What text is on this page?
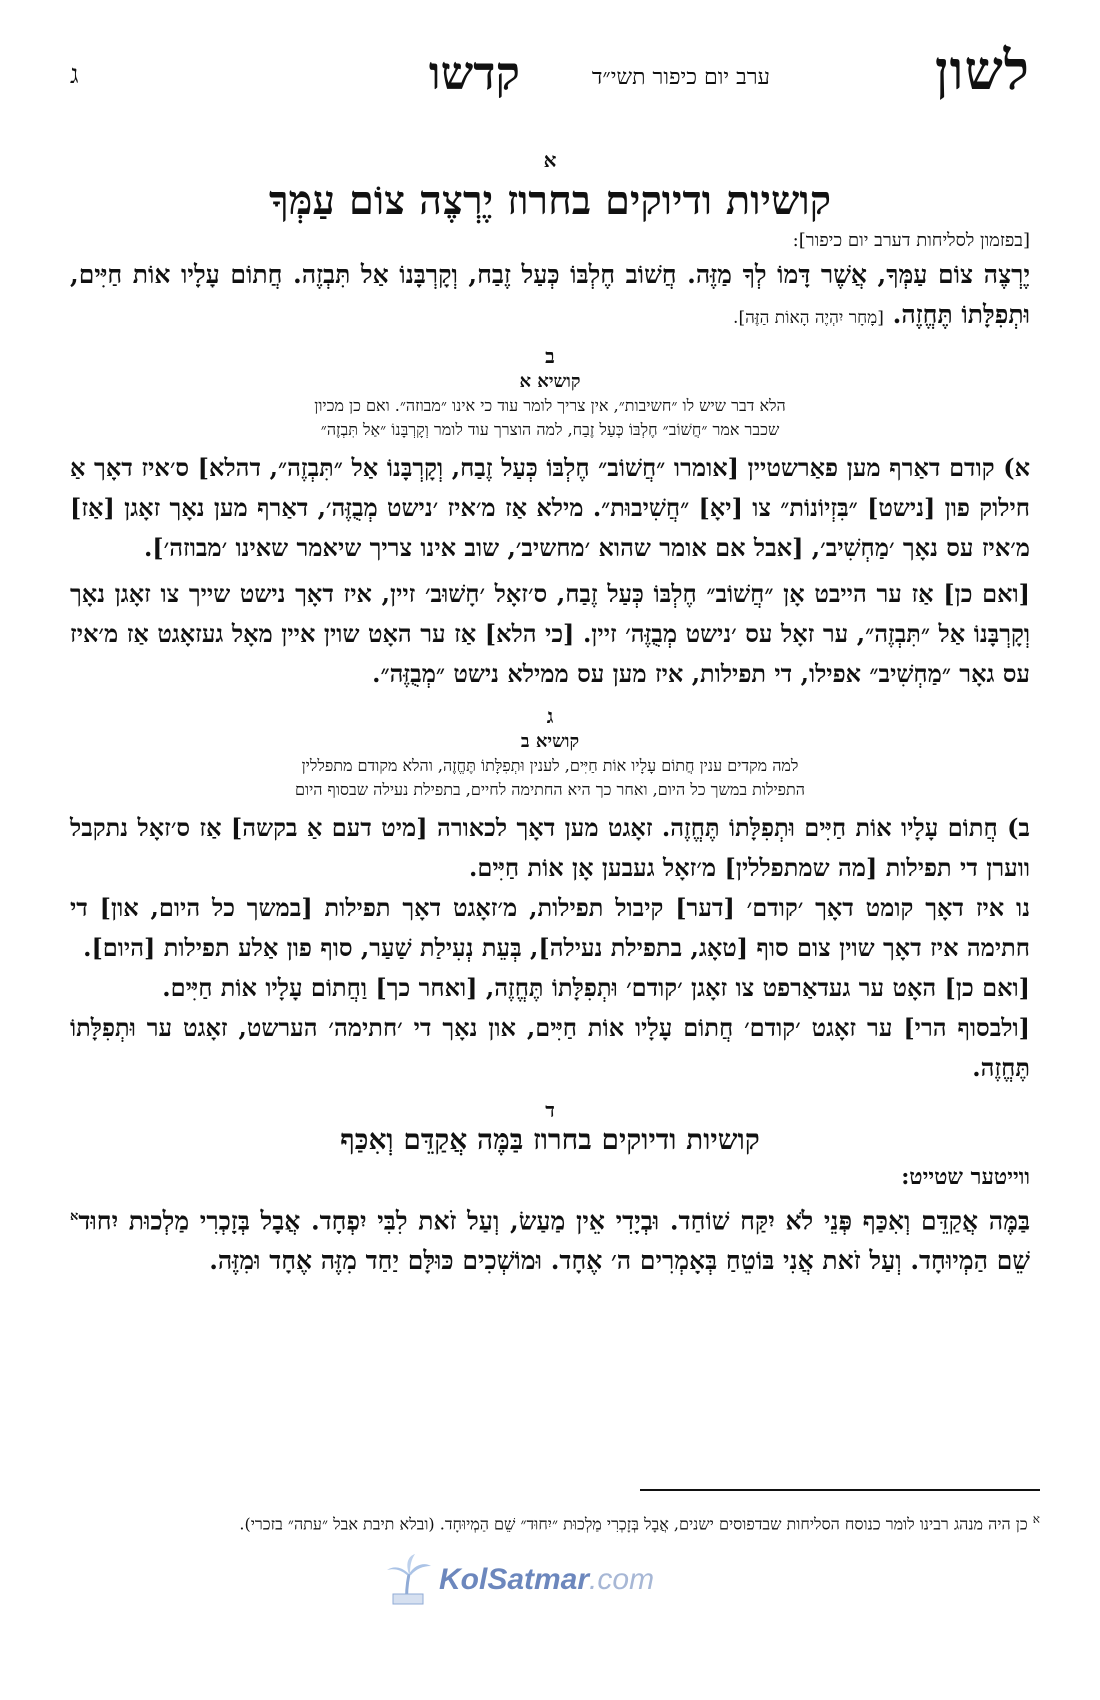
לשון
ערב יום כיפור תשי״ד
קדשו
ג

א

קושיות ודיוקים בחרוז יֶרְצֶה צוֹם עַמְּךָ

[בפזמון לסליחות דערב יום כיפור]:

יֶרְצֶה צוֹם עַמְּךָ, אֲשֶׁר דָּמוֹ לְךָ מַזֶּה. חֲשׁוֹב חֶלְבּוֹ כְּעַל זֶבַח, וְקָרְבָּנוֹ אַל תִּבְזֶה. חֲתוֹם עָלָיו אוֹת חַיִּים, וּתְפִלָּתוֹ תֶּחֱזֶה. [מָחָר יִהְיֶה הָאוֹת הַזֶּה].

ב

קושיא א

הלא דבר שיש לו ״חשיבות״, אין צריך לומר עוד כי אינו ״מבוזה״. ואם כן מכיון

שכבר אמר ״חֲשׁוֹב״ חֶלְבּוֹ כְּעַל זֶבַח, למה הוצרך עוד לומר וְקָרְבָּנוֹ ״אַל תִּבְזֶה״

א) קודם דאַרף מען פאַרשטיין [אומרו ״חֲשׁוֹב״ חֶלְבּוֹ כְּעַל זֶבַח, וְקָרְבָּנוֹ אַל ״תִּבְזֶה״, דהלא] ס׳איז דאָך אַ חילוק פון [נישט] ״בִּזְיוֹנוֹת״ צו [יאָ] ״חֲשִׁיבוּת״. מילא אַז מ׳איז ׳נישט מְבֻזֶּה׳, דאַרף מען נאָך זאָגן [אַז] מ׳איז עס נאָך ׳מַחְשִׁיב׳, [אבל אם אומר שהוא ׳מחשיב׳, שוב אינו צריך שיאמר שאינו ׳מבוזה׳].

[ואם כן] אַז ער הייבט אָן ״חֲשׁוֹב״ חֶלְבּוֹ כְּעַל זֶבַח, ס׳זאָל ׳חָשׁוּב׳ זיין, איז דאָך נישט שייך צו זאָגן נאָך וְקָרְבָּנוֹ אַל ״תִּבְזֶה״, ער זאָל עס ׳נישט מְבֻזֶּה׳ זיין. [כי הלא] אַז ער האָט שוין איין מאָל געזאָגט אַז מ׳איז עס גאָר ״מַחְשִׁיב״ אפילו, די תפילות, איז מען עס ממילא נישט ״מְבֻזֶּה״.

ג

קושיא ב

למה מקדים ענין חֲתוֹם עָלָיו אוֹת חַיִּים, לענין וּתְפִלָּתוֹ תֶּחֱזֶה, והלא מקודם מתפללין

התפילות במשך כל היום, ואחר כך היא החתימה לחיים, בתפילת נעילה שבסוף היום

ב) חֲתוֹם עָלָיו אוֹת חַיִּים וּתְפִלָּתוֹ תֶּחֱזֶה. זאָגט מען דאָך לכאורה [מיט דעם אַ בקשה] אַז ס׳זאָל נתקבל ווערן די תפילות [מה שמתפללין] מ׳זאָל געבען אָן אוֹת חַיִּים.

נו איז דאָך קומט דאָך ׳קודם׳ [דער] קיבול תפילות, מ׳זאָגט דאָך תפילות [במשך כל היום, און] די חתימה איז דאָך שוין צום סוף [טאָג, בתפילת נעילה], בְּעֵת נְעִילַת שַׁעַר, סוף פון אַלע תפילות [היום].

[ואם כן] האָט ער געדאַרפט צו זאָגן ׳קודם׳ וּתְפִלָּתוֹ תֶּחֱזֶה, [ואחר כך] וַחֲתוֹם עָלָיו אוֹת חַיִּים.

[ולבסוף הרי] ער זאָגט ׳קודם׳ חֲתוֹם עָלָיו אוֹת חַיִּים, און נאָך די ׳חתימה׳ הערשט, זאָגט ער וּתְפִלָּתוֹ תֶּחֱזֶה.

ד

קושיות ודיוקים בחרוז בַּמֶּה אֲקַדֵּם וְאִכַּף

ווייטער שטייט:

בַּמֶּה אֲקַדֵּם וְאִכַּף פְּנֵי לֹא יִקַּח שׁוֹחַד. וּבְיָדִי אֵין מַעַשׂ, וְעַל זֹאת לִבִּי יִפְחָד. אֲבָל בְּזָכְרִי מַלְכוּת יִחוּד$^א$ שֵׁם הַמְיוּחָד. וְעַל זֹאת אֲנִי בּוֹטֵחַ בְּאָמְרִים ה׳ אֶחָד. וּמוֹשְׁכִים כּוּלָּם יַחַד מִזֶּה אֶחָד וּמִזֶּה.

$^א$ כן היה מנהג רבינו לומר כנוסח הסליחות שבדפוסים ישנים, אֲבָל בְּזָכְרִי מַלְכוּת ״יִחוּד״ שֵׁם הַמְיוּחָד. (ובלא תיבת אבל ״עתה״ בזכרי).
KolSatmar.com
